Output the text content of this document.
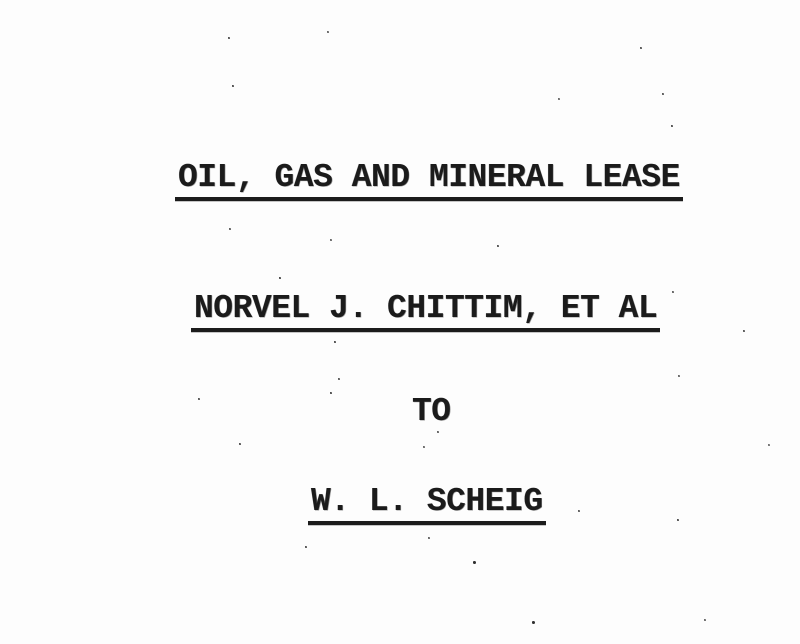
OIL, GAS AND MINERAL LEASE
NORVEL J. CHITTIM, ET AL
TO
W. L. SCHEIG
